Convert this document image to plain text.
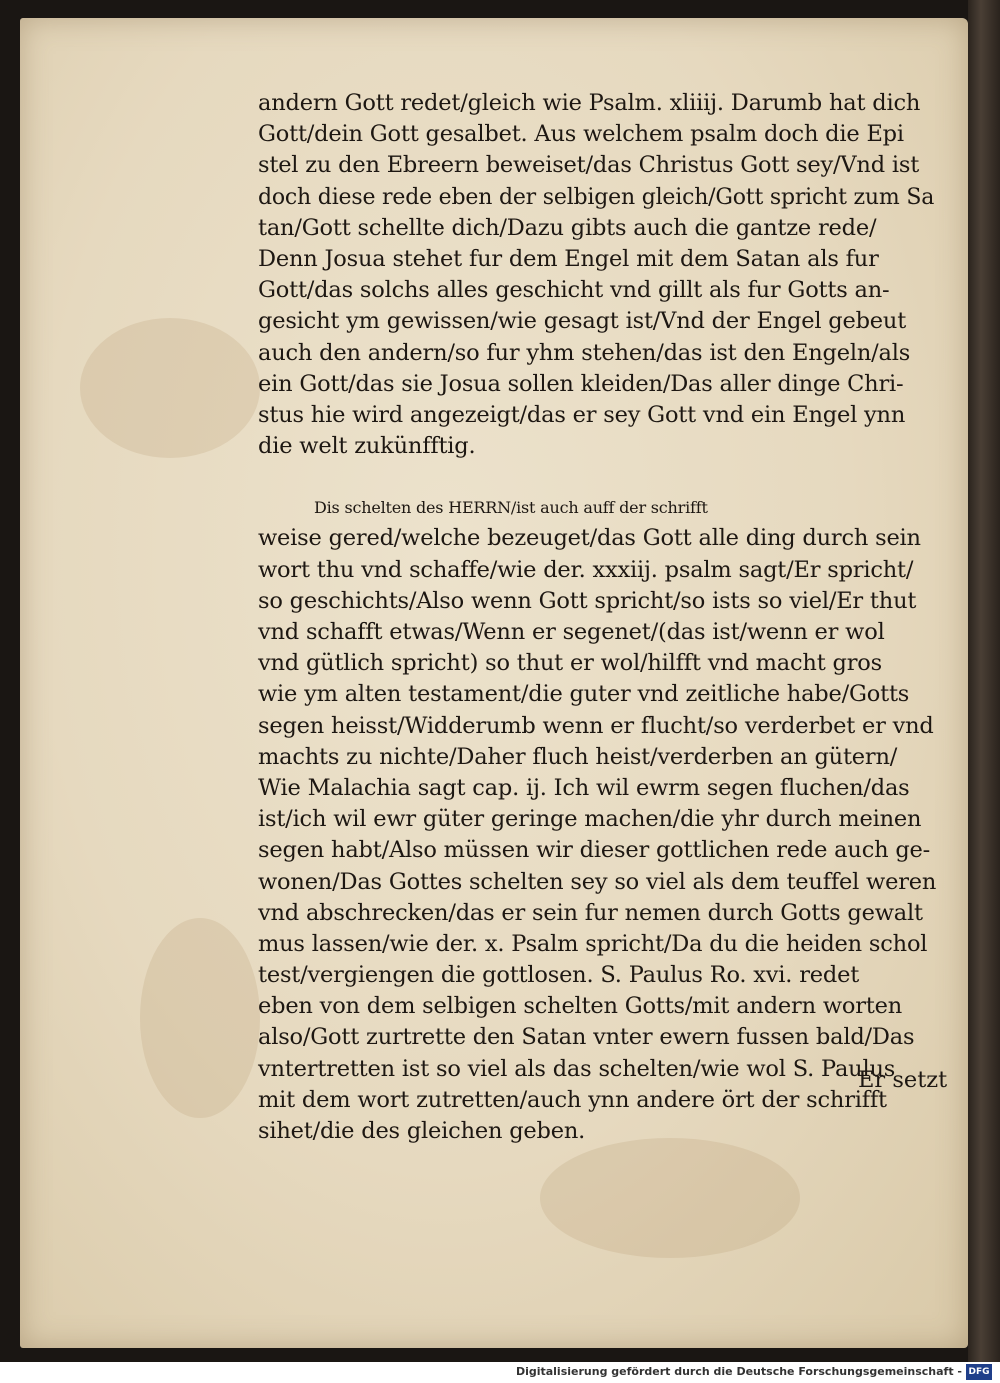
andern Gott redet/gleich wie Psalm. xliiij. Darumb hat dich
Gott/dein Gott gesalbet. Aus welchem psalm doch die Epi
stel zu den Ebreern beweiset/das Christus Gott sey/Vnd ist
doch diese rede eben der selbigen gleich/Gott spricht zum Sa
tan/Gott schellte dich/Dazu gibts auch die gantze rede/
Denn Josua stehet fur dem Engel mit dem Satan als fur
Gott/das solchs alles geschicht vnd gillt als fur Gotts an-
gesicht ym gewissen/wie gesagt ist/Vnd der Engel gebeut
auch den andern/so fur yhm stehen/das ist den Engeln/als
ein Gott/das sie Josua sollen kleiden/Das aller dinge Chri-
stus hie wird angezeigt/das er sey Gott vnd ein Engel ynn
die welt zukünfftig.
Dis schelten des HERRN/ist auch auff der schrifft
weise gered/welche bezeuget/das Gott alle ding durch sein
wort thu vnd schaffe/wie der. xxxiij. psalm sagt/Er spricht/
so geschichts/Also wenn Gott spricht/so ists so viel/Er thut
vnd schafft etwas/Wenn er segenet/(das ist/wenn er wol
vnd gütlich spricht) so thut er wol/hilfft vnd macht gros
wie ym alten testament/die guter vnd zeitliche habe/Gotts
segen heisst/Widderumb wenn er flucht/so verderbet er vnd
machts zu nichte/Daher fluch heist/verderben an gütern/
Wie Malachia sagt cap. ij. Ich wil ewrm segen fluchen/das
ist/ich wil ewr güter geringe machen/die yhr durch meinen
segen habt/Also müssen wir dieser gottlichen rede auch ge-
wonen/Das Gottes schelten sey so viel als dem teuffel weren
vnd abschrecken/das er sein fur nemen durch Gotts gewalt
mus lassen/wie der. x. Psalm spricht/Da du die heiden schol
test/vergiengen die gottlosen. S. Paulus Ro. xvi. redet
eben von dem selbigen schelten Gotts/mit andern worten
also/Gott zurtrette den Satan vnter ewern fussen bald/Das
vntertretten ist so viel als das schelten/wie wol S. Paulus
mit dem wort zutretten/auch ynn andere ört der schrifft
sihet/die des gleichen geben.
Er setzt
Digitalisierung gefördert durch die Deutsche Forschungsgemeinschaft - DFG
